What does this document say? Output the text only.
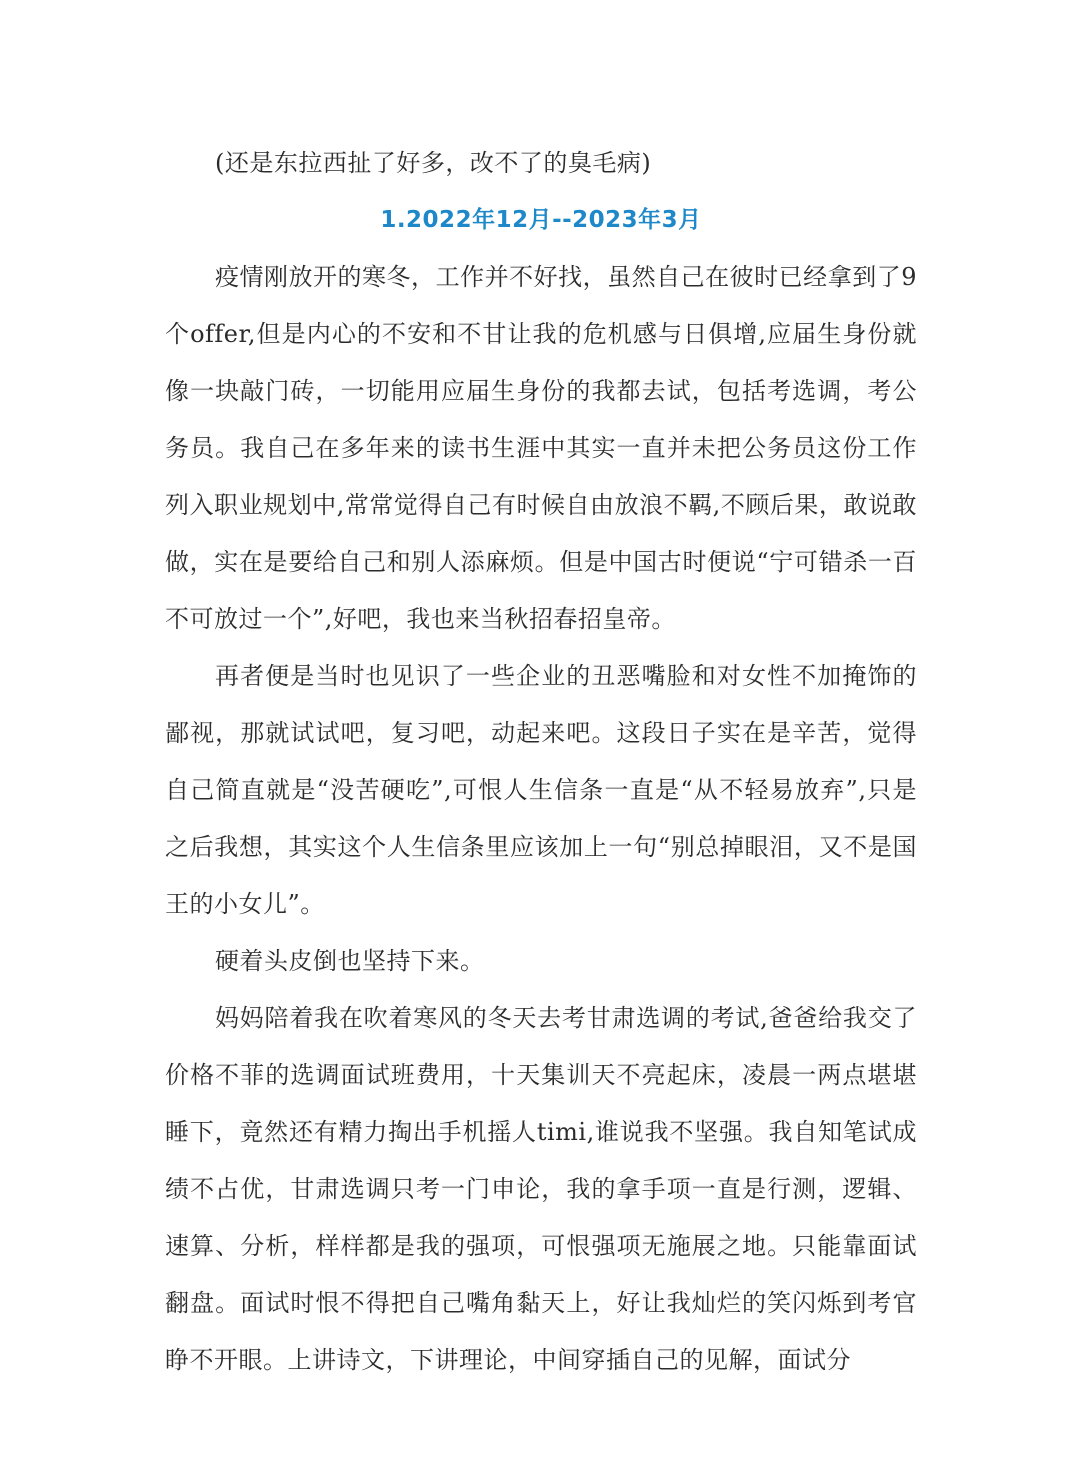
(还是东拉西扯了好多，改不了的臭毛病)

1.2022年12月--2023年3月

疫情刚放开的寒冬，工作并不好找，虽然自己在彼时已经拿到了9个offer,但是内心的不安和不甘让我的危机感与日俱增,应届生身份就像一块敲门砖，一切能用应届生身份的我都去试，包括考选调，考公务员。我自己在多年来的读书生涯中其实一直并未把公务员这份工作列入职业规划中,常常觉得自己有时候自由放浪不羁,不顾后果，敢说敢做，实在是要给自己和别人添麻烦。但是中国古时便说“宁可错杀一百不可放过一个”,好吧，我也来当秋招春招皇帝。

再者便是当时也见识了一些企业的丑恶嘴脸和对女性不加掩饰的鄙视，那就试试吧，复习吧，动起来吧。这段日子实在是辛苦，觉得自己简直就是“没苦硬吃”,可恨人生信条一直是“从不轻易放弃”,只是之后我想，其实这个人生信条里应该加上一句“别总掉眼泪，又不是国王的小女儿”。

硬着头皮倒也坚持下来。

妈妈陪着我在吹着寒风的冬天去考甘肃选调的考试,爸爸给我交了价格不菲的选调面试班费用，十天集训天不亮起床，凌晨一两点堪堪睡下，竟然还有精力掏出手机摇人timi,谁说我不坚强。我自知笔试成绩不占优，甘肃选调只考一门申论，我的拿手项一直是行测，逻辑、速算、分析，样样都是我的强项，可恨强项无施展之地。只能靠面试翻盘。面试时恨不得把自己嘴角黏天上，好让我灿烂的笑闪烁到考官睁不开眼。上讲诗文，下讲理论，中间穿插自己的见解，面试分
